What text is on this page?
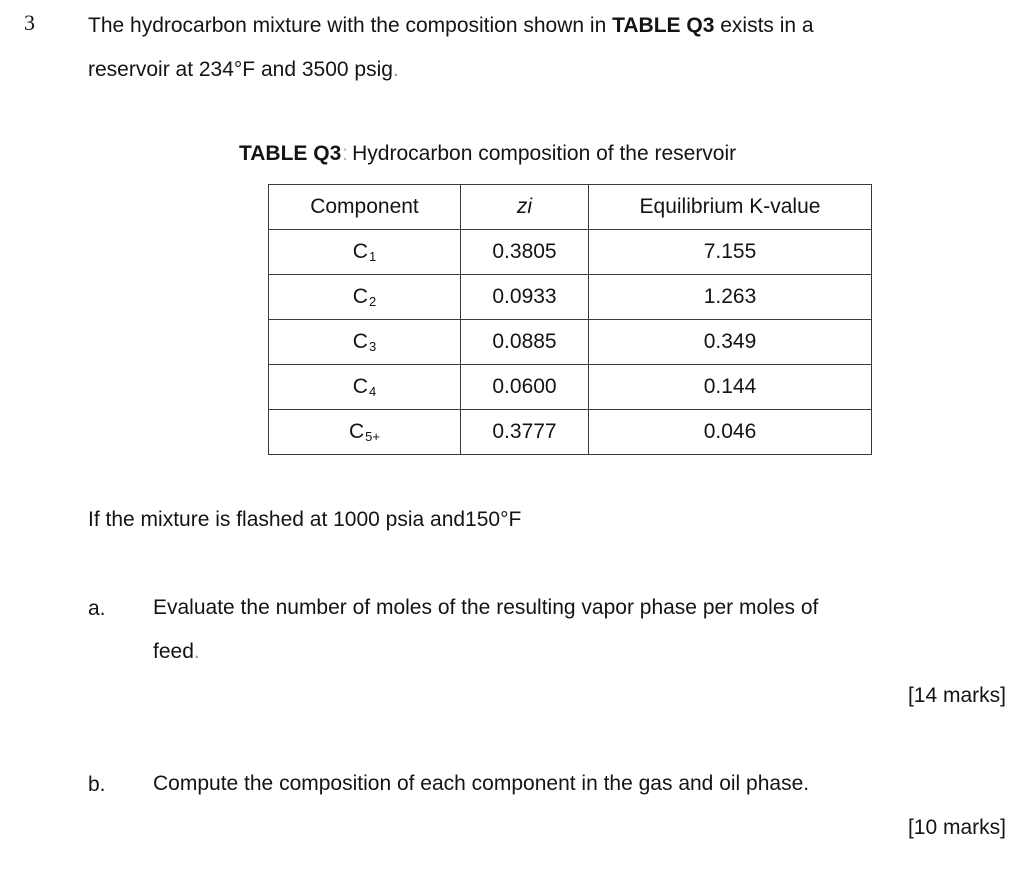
3	The hydrocarbon mixture with the composition shown in TABLE Q3 exists in a
reservoir at 234°F and 3500 psig.
TABLE Q3: Hydrocarbon composition of the reservoir
Component	zi	Equilibrium K-value
$C_1$	0.3805	7.155
$C_2$	0.0933	1.263
$C_3$	0.0885	0.349
$C_4$	0.0600	0.144
$C_{5+}$	0.3777	0.046
If the mixture is flashed at 1000 psia and150°F
a. Evaluate the number of moles of the resulting vapor phase per moles of
feed.
[14 marks]
b. Compute the composition of each component in the gas and oil phase.
[10 marks]
